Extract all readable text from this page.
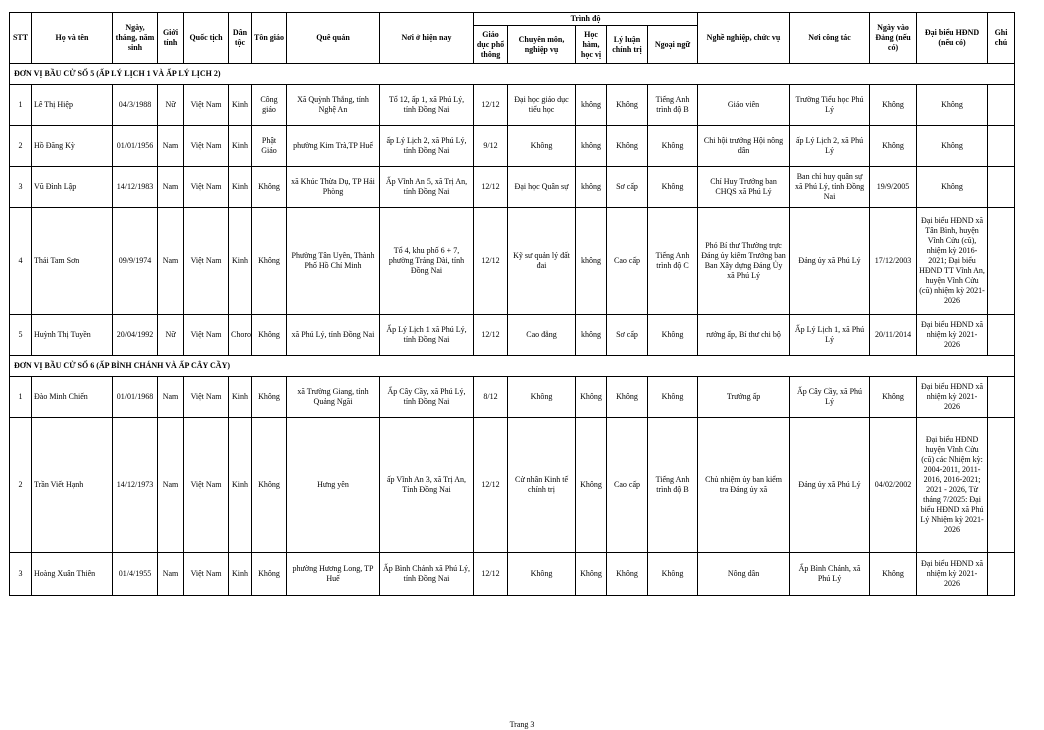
STT	Họ và tên	Ngày, tháng, năm sinh	Giới tính	Quốc tịch	Dân tộc	Tôn giáo	Quê quán	Nơi ở hiện nay	Trình độ					Nghề nghiệp, chức vụ	Nơi công tác	Ngày vào Đảng (nếu có)	Đại biểu HĐND (nếu có)	Ghi chú
									Giáo dục phổ thông	Chuyên môn, nghiệp vụ	Học hàm, học vị	Lý luận chính trị	Ngoại ngữ					
ĐƠN VỊ BẦU CỬ SỐ 5 (ẤP LÝ LỊCH 1 VÀ ẤP LÝ LỊCH 2)																		
1	Lê Thị Hiệp	04/3/1988	Nữ	Việt Nam	Kinh	Công giáo	Xã Quỳnh Thắng, tỉnh Nghệ An	Tổ 12, ấp 1, xã Phú Lý, tỉnh Đồng Nai	12/12	Đại học giáo dục tiểu học	không	Không	Tiếng Anh trình độ B	Giáo viên	Trường Tiểu học Phú Lý	Không	Không	
2	Hồ Đăng Kỳ	01/01/1956	Nam	Việt Nam	Kinh	Phật Giáo	phường Kim Trà,TP Huế	ấp Lý Lịch 2, xã Phú Lý, tỉnh Đồng Nai	9/12	Không	không	Không	Không	Chi hội trưởng Hội nông dân	ấp Lý Lịch 2, xã Phú Lý	Không	Không	
3	Vũ Đình Lập	14/12/1983	Nam	Việt Nam	Kinh	Không	xã Khúc Thừa Dụ, TP Hải Phòng	Ấp Vĩnh An 5, xã Trị An, tỉnh Đồng Nai	12/12	Đại học Quân sự	không	Sơ cấp	Không	Chỉ Huy Trưởng ban CHQS xã Phú Lý	Ban chỉ huy quân sự xã Phú Lý, tỉnh Đồng Nai	19/9/2005	Không	
4	Thái Tam Sơn	09/9/1974	Nam	Việt Nam	Kinh	Không	Phường Tân Uyên, Thành Phố Hồ Chí Minh	Tổ 4, khu phố 6 + 7, phường Trảng Dài, tỉnh Đồng Nai	12/12	Kỹ sư quản lý đất đai	không	Cao cấp	Tiếng Anh trình độ C	Phó Bí thư Thường trực Đảng ủy kiêm Trưởng ban Ban Xây dựng Đảng Ủy xã Phú Lý	Đảng ủy xã Phú Lý	17/12/2003	Đại biểu HĐND xã Tân Bình, huyện Vĩnh Cửu (cũ), nhiệm kỳ 2016-2021; Đại biểu HĐND TT Vĩnh An, huyện Vĩnh Cửu (cũ) nhiệm kỳ 2021-2026	
5	Huỳnh Thị Tuyền	20/04/1992	Nữ	Việt Nam	Choro	Không	xã Phú Lý, tỉnh Đồng Nai	Ấp Lý Lịch 1 xã Phú Lý, tỉnh Đồng Nai	12/12	Cao đẳng	không	Sơ cấp	Không	rưởng ấp, Bí thư chi bộ	Ấp Lý Lịch 1, xã Phú Lý	20/11/2014	Đại biểu HĐND xã nhiệm kỳ 2021-2026	
ĐƠN VỊ BẦU CỬ SỐ 6 (ẤP BÌNH CHÁNH VÀ ẤP CÂY CẦY)																		
1	Đào Minh Chiến	01/01/1968	Nam	Việt Nam	Kinh	Không	xã Trường Giang, tỉnh Quảng Ngãi	Ấp Cây Cầy, xã Phú Lý, tỉnh Đồng Nai	8/12	Không	Không	Không	Không	Trưởng ấp	Ấp Cây Cầy, xã Phú Lý	Không	Đại biểu HĐND xã nhiệm kỳ 2021-2026	
2	Trần Viết Hạnh	14/12/1973	Nam	Việt Nam	Kinh	Không	Hưng yên	ấp Vĩnh An 3, xã Trị An, Tỉnh Đồng Nai	12/12	Cử nhân Kinh tế chính trị	Không	Cao cấp	Tiếng Anh trình độ B	Chủ nhiệm ủy ban kiểm tra Đảng ủy xã	Đảng ủy xã Phú Lý	04/02/2002	Đại biểu HĐND huyện Vĩnh Cửu (cũ) các Nhiệm kỳ: 2004-2011, 2011-2016, 2016-2021; 2021 - 2026, Từ tháng 7/2025: Đại biểu HĐND xã Phú Lý Nhiệm kỳ 2021-2026	
3	Hoàng Xuân Thiên	01/4/1955	Nam	Việt Nam	Kinh	Không	phường Hương Long, TP Huế	Ấp Bình Chánh xã Phú Lý, tỉnh Đồng Nai	12/12	Không	Không	Không	Không	Nông dân	Ấp Bình Chánh, xã Phú Lý	Không	Đại biểu HĐND xã nhiệm kỳ 2021-2026	
Trang 3
